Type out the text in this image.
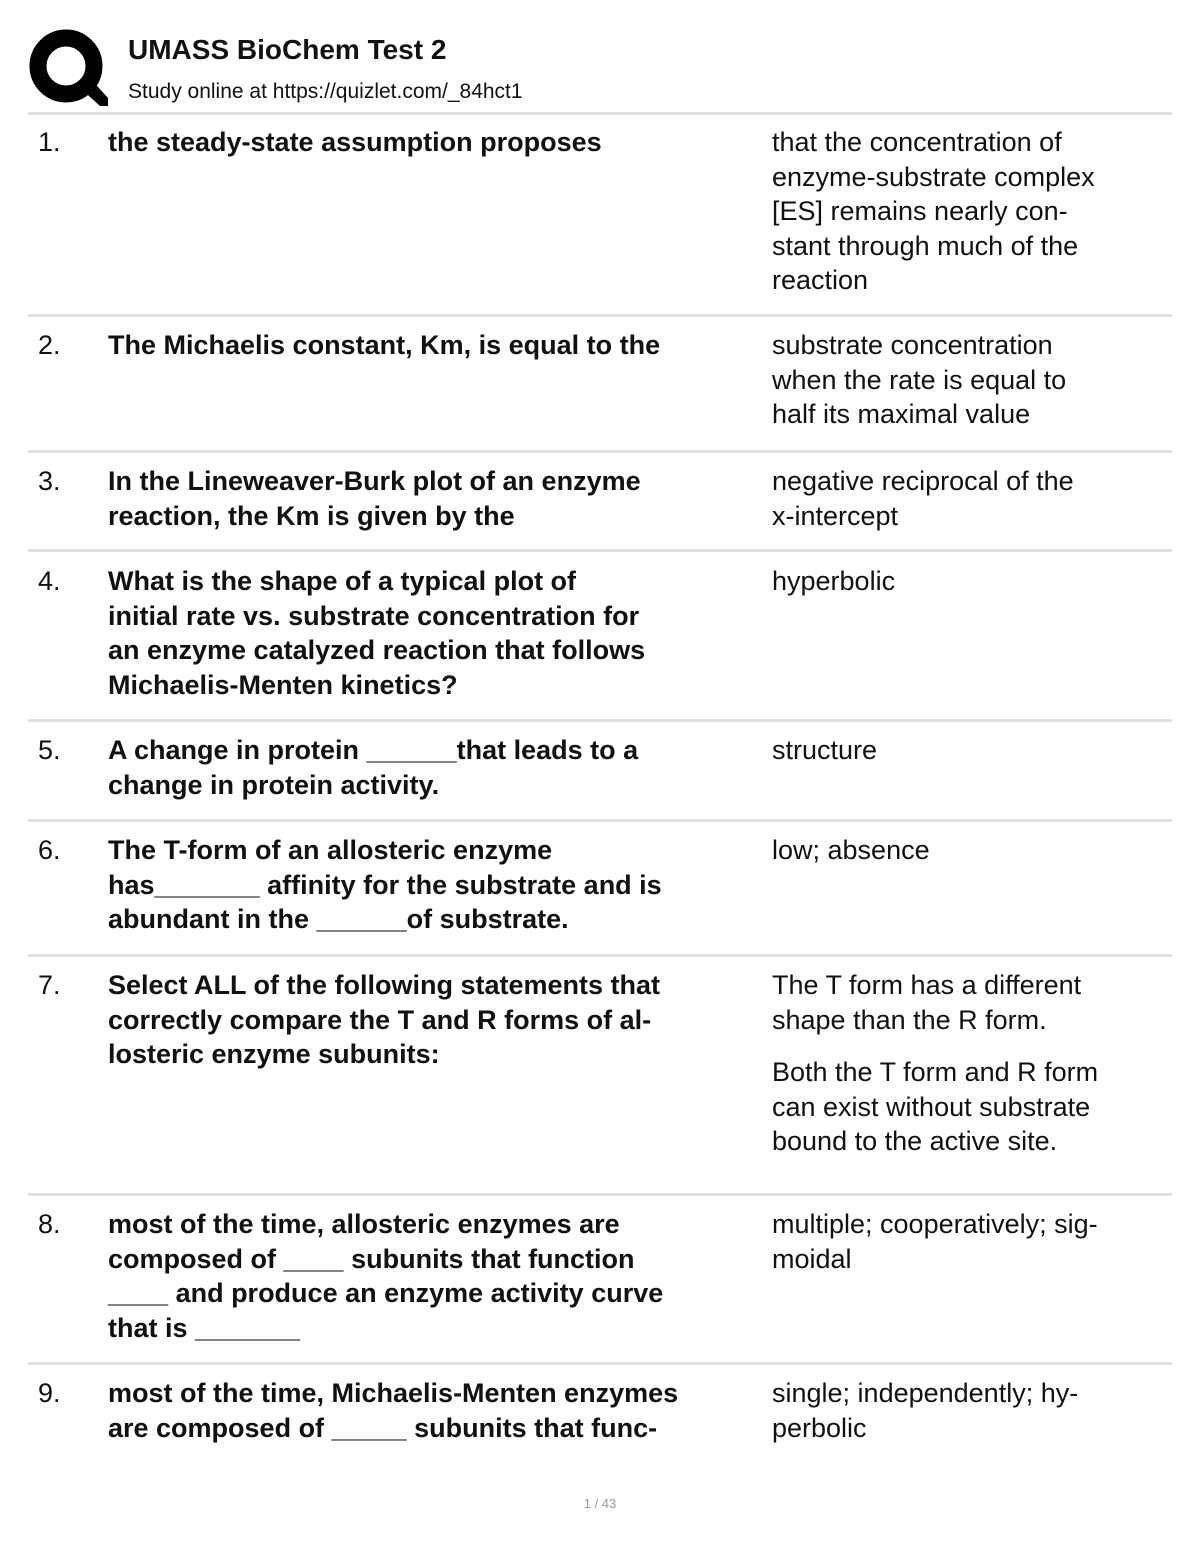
UMASS BioChem Test 2
Study online at https://quizlet.com/_84hct1
1. the steady-state assumption proposes	that the concentration of
enzyme-substrate complex
[ES] remains nearly con-
stant through much of the
reaction

2. The Michaelis constant, Km, is equal to the	substrate concentration
when the rate is equal to
half its maximal value

3. In the Lineweaver-Burk plot of an enzyme
reaction, the Km is given by the

negative reciprocal of the
x-intercept

4. What is the shape of a typical plot of
initial rate vs. substrate concentration for
an enzyme catalyzed reaction that follows
Michaelis-Menten kinetics?

hyperbolic

5. A change in protein ______that leads to a
change in protein activity.

structure

6. The T-form of an allosteric enzyme
has_______ affinity for the substrate and is
abundant in the ______of substrate.

low; absence

7. Select ALL of the following statements that
correctly compare the T and R forms of al-
losteric enzyme subunits:

The T form has a different
shape than the R form.

Both the T form and R form
can exist without substrate
bound to the active site.

8. most of the time, allosteric enzymes are
composed of ____ subunits that function
____ and produce an enzyme activity curve
that is _______

multiple; cooperatively; sig-
moidal

9. most of the time, Michaelis-Menten enzymes
are composed of _____ subunits that func-

single; independently; hy-
perbolic

1 / 43
